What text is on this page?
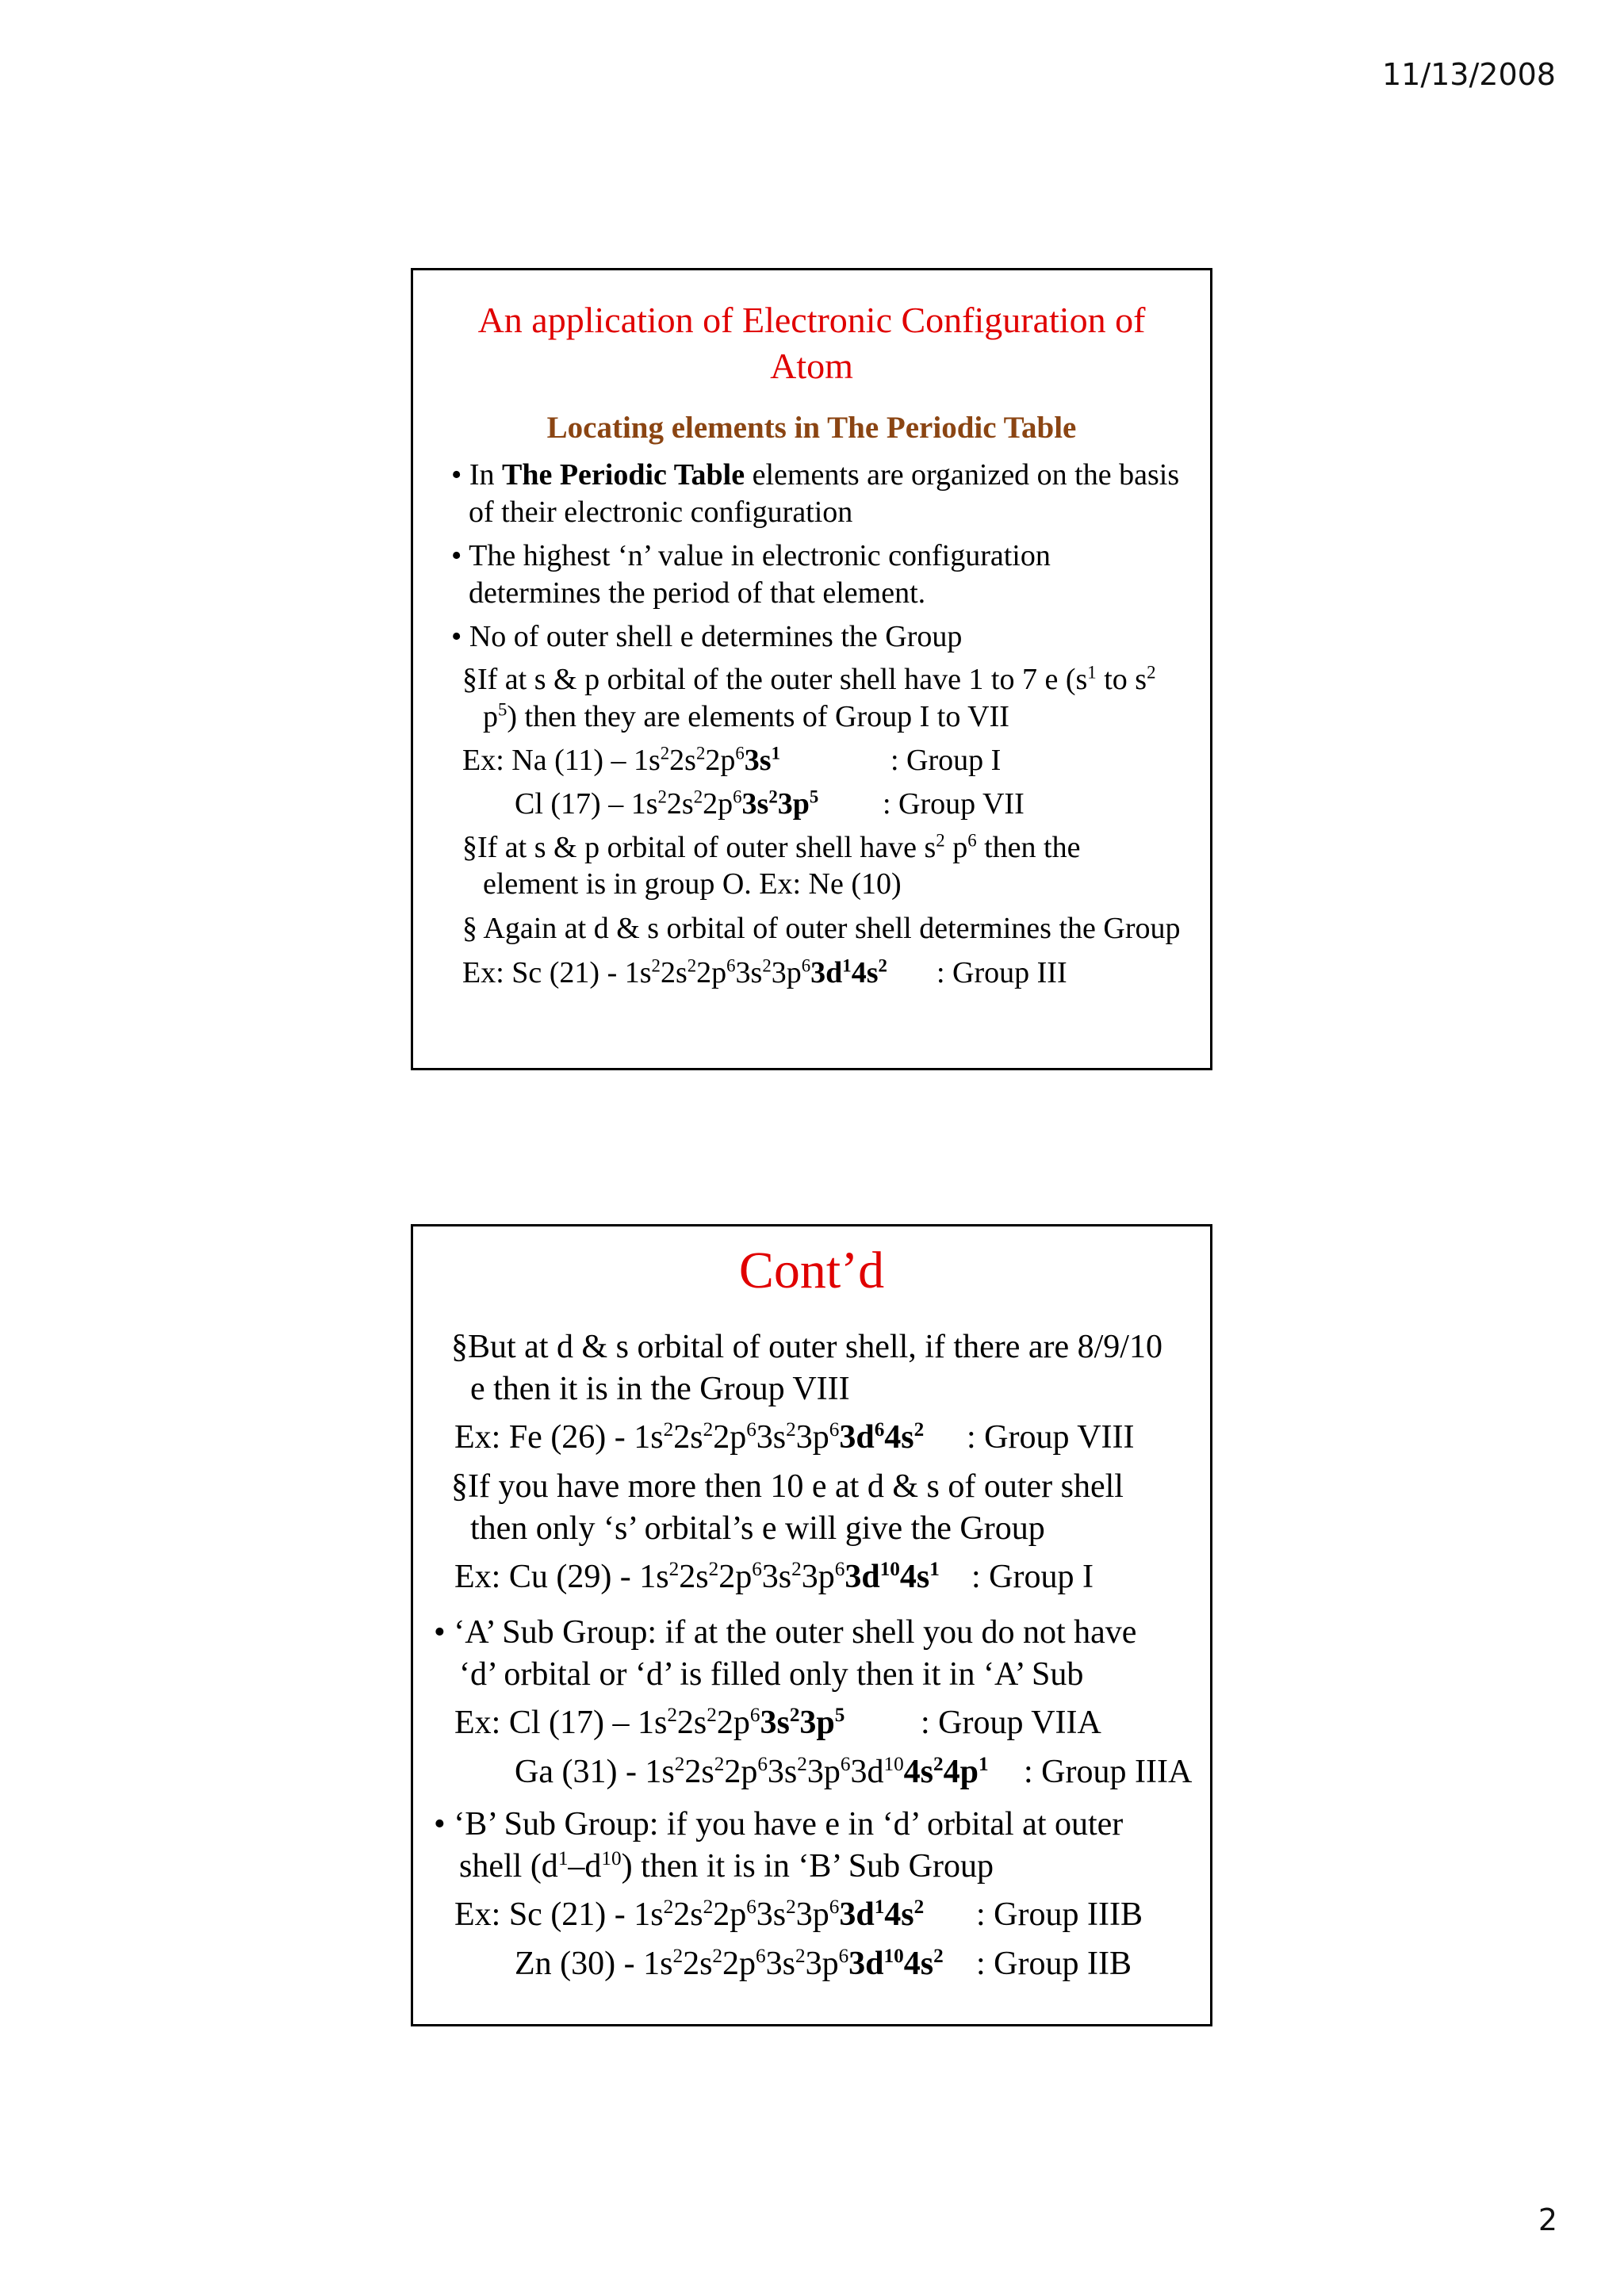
11/13/2008
An application of Electronic Configuration of
Atom
Locating elements in The Periodic Table
• In The Periodic Table elements are organized on the basis
of their electronic configuration
• The highest ‘n’ value in electronic configuration
determines the period of that element.
• No of outer shell e determines the Group
§If at s & p orbital of the outer shell have 1 to 7 e ($s^1$ to $s^2$
$p^5$) then they are elements of Group I to VII
Ex: Na $(11) - 1s^22s^22p^63s^1$	: Group I
Cl $(17) - 1s^22s^22p^63s^23p^5$ : Group VII
§If at s & p orbital of outer shell have $s^2$ $p^6$ then the
element is in group O. Ex: Ne (10)
§ Again at d & s orbital of outer shell determines the Group
Ex: Sc $(21) - 1s^22s^22p^63s^23p^63d^14s^2$ : Group III
Cont’d
§But at d & s orbital of outer shell, if there are 8/9/10
e then it is in the Group VIII
Ex: Fe $(26) - 1s^22s^22p^63s^23p^63d^64s^2$ : Group VIII
§If you have more then 10 e at d & s of outer shell
then only ‘s’ orbital’s e will give the Group
Ex: Cu $(29) - 1s^22s^22p^63s^23p^63d^{10}4s^1$ : Group I
• ‘A’ Sub Group: if at the outer shell you do not have
‘d’ orbital or ‘d’ is filled only then it in ‘A’ Sub
Ex: Cl $(17) - 1s^22s^22p^63s^23p^5$ : Group VIIA
Ga $(31) - 1s^22s^22p^63s^23p^63d^{10}4s^24p^1$ : Group IIIA
• ‘B’ Sub Group: if you have e in ‘d’ orbital at outer
shell $(d^1-d^{10})$ then it is in ‘B’ Sub Group
Ex: Sc $(21) - 1s^22s^22p^63s^23p^63d^14s^2$ : Group IIIB
Zn $(30) - 1s^22s^22p^63s^23p^63d^{10}4s^2$ : Group IIB
2
